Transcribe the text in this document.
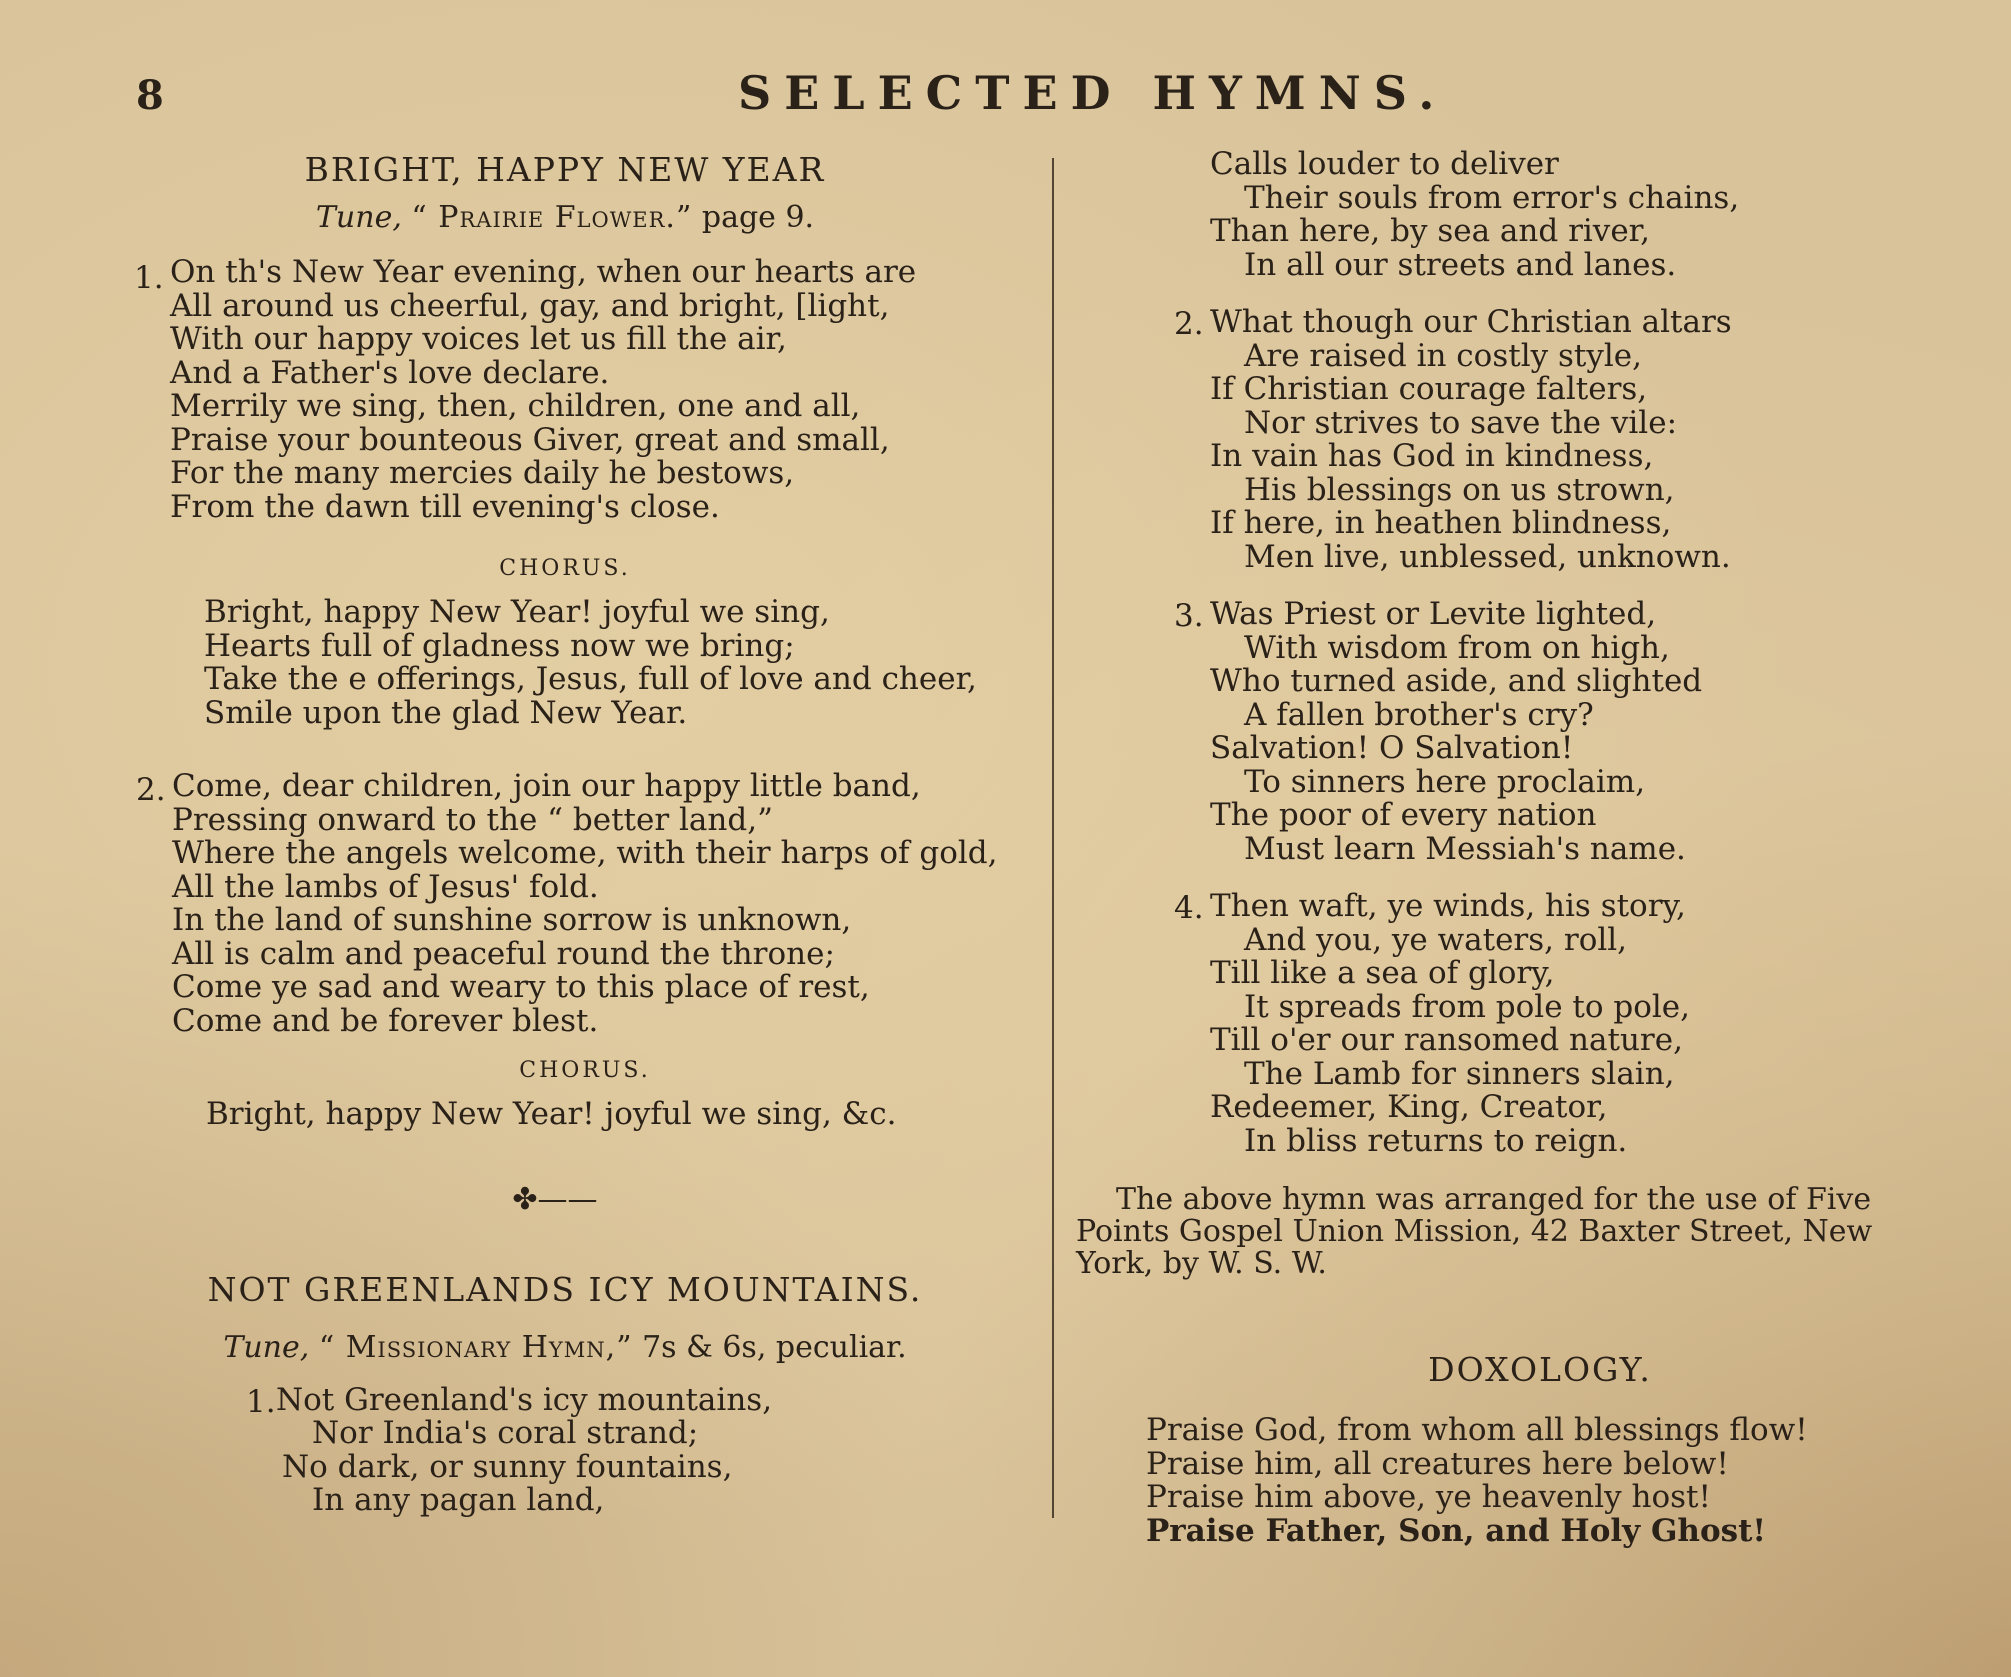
8	SELECTED HYMNS.
BRIGHT, HAPPY NEW YEAR
Tune, “ Prairie Flower.” page 9.
1. On th's New Year evening, when our hearts are
All around us cheerful, gay, and bright, [light,
With our happy voices let us fill the air,
And a Father's love declare.
Merrily we sing, then, children, one and all,
Praise your bounteous Giver, great and small,
For the many mercies daily he bestows,
From the dawn till evening's close.
CHORUS.
Bright, happy New Year! joyful we sing,
Hearts full of gladness now we bring;
Take the e offerings, Jesus, full of love and cheer,
Smile upon the glad New Year.
2. Come, dear children, join our happy little band,
Pressing onward to the “ better land,”
Where the angels welcome, with their harps of gold,
All the lambs of Jesus' fold.
In the land of sunshine sorrow is unknown,
All is calm and peaceful round the throne;
Come ye sad and weary to this place of rest,
Come and be forever blest.
CHORUS.
Bright, happy New Year! joyful we sing, &c.
✤——
NOT GREENLANDS ICY MOUNTAINS.
Tune, “ Missionary Hymn,” 7s & 6s, peculiar.
1. Not Greenland's icy mountains,
Nor India's coral strand;
No dark, or sunny fountains,
In any pagan land,
Calls louder to deliver
Their souls from error's chains,
Than here, by sea and river,
In all our streets and lanes.
2. What though our Christian altars
Are raised in costly style,
If Christian courage falters,
Nor strives to save the vile:
In vain has God in kindness,
His blessings on us strown,
If here, in heathen blindness,
Men live, unblessed, unknown.
3. Was Priest or Levite lighted,
With wisdom from on high,
Who turned aside, and slighted
A fallen brother's cry?
Salvation! O Salvation!
To sinners here proclaim,
The poor of every nation
Must learn Messiah's name.
4. Then waft, ye winds, his story,
And you, ye waters, roll,
Till like a sea of glory,
It spreads from pole to pole,
Till o'er our ransomed nature,
The Lamb for sinners slain,
Redeemer, King, Creator,
In bliss returns to reign.
The above hymn was arranged for the use of Five
Points Gospel Union Mission, 42 Baxter Street, New
York, by W. S. W.
DOXOLOGY.
Praise God, from whom all blessings flow!
Praise him, all creatures here below!
Praise him above, ye heavenly host!
Praise Father, Son, and Holy Ghost!
